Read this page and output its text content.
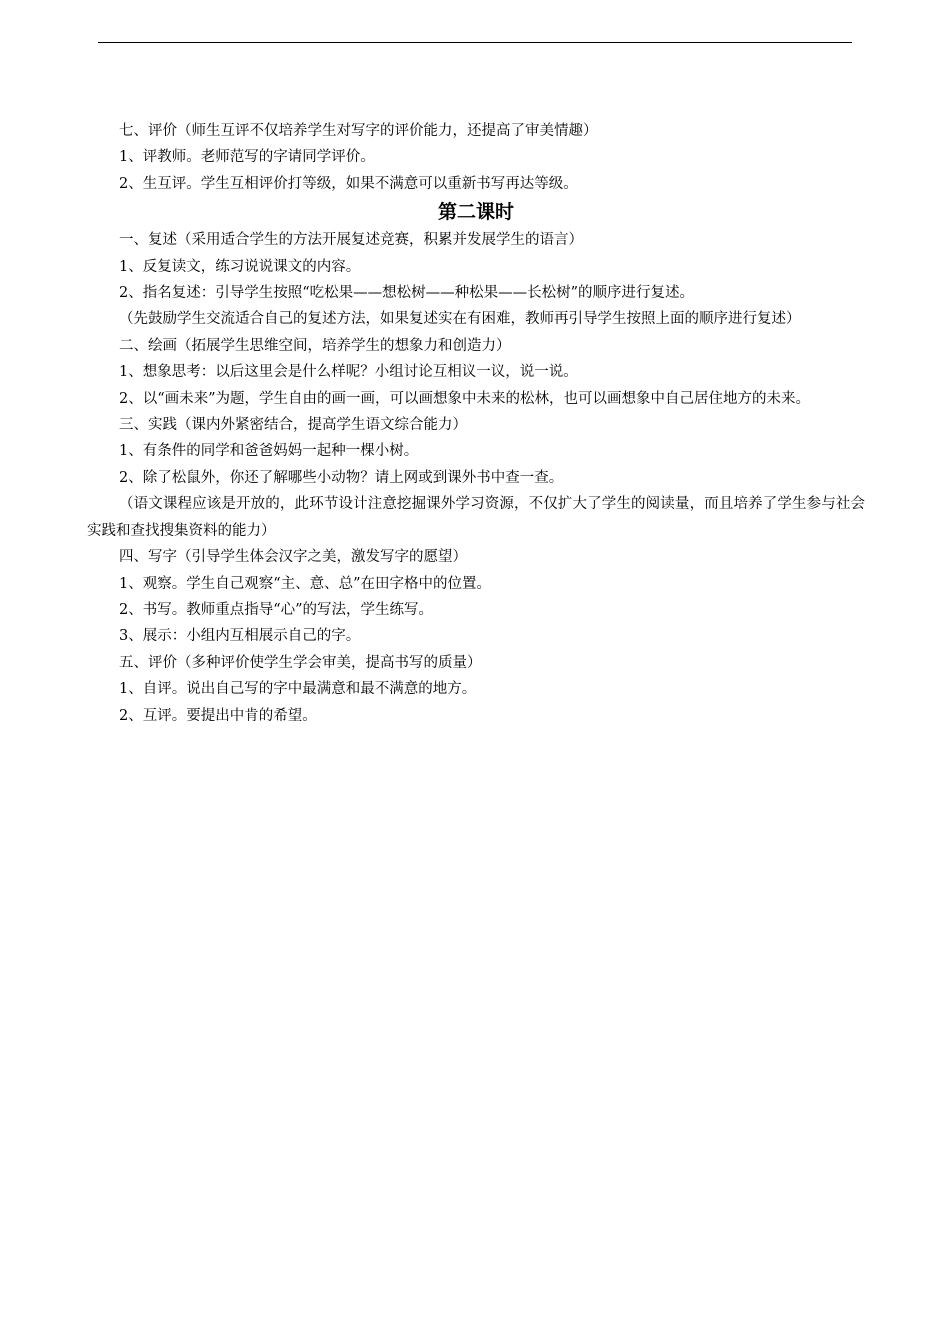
七、评价（师生互评不仅培养学生对写字的评价能力，还提高了审美情趣）

1、评教师。老师范写的字请同学评价。

2、生互评。学生互相评价打等级，如果不满意可以重新书写再达等级。

第二课时

一、复述（采用适合学生的方法开展复述竞赛，积累并发展学生的语言）

1、反复读文，练习说说课文的内容。

2、指名复述：引导学生按照“吃松果——想松树——种松果——长松树”的顺序进行复述。

（先鼓励学生交流适合自己的复述方法，如果复述实在有困难，教师再引导学生按照上面的顺序进行复述）

二、绘画（拓展学生思维空间，培养学生的想象力和创造力）

1、想象思考：以后这里会是什么样呢？小组讨论互相议一议，说一说。

2、以“画未来”为题，学生自由的画一画，可以画想象中未来的松林，也可以画想象中自己居住地方的未来。

三、实践（课内外紧密结合，提高学生语文综合能力）

1、有条件的同学和爸爸妈妈一起种一棵小树。

2、除了松鼠外，你还了解哪些小动物？请上网或到课外书中查一查。

（语文课程应该是开放的，此环节设计注意挖掘课外学习资源，不仅扩大了学生的阅读量，而且培养了学生参与社会实践和查找搜集资料的能力）

四、写字（引导学生体会汉字之美，激发写字的愿望）

1、观察。学生自己观察“主、意、总”在田字格中的位置。

2、书写。教师重点指导“心”的写法，学生练写。

3、展示：小组内互相展示自己的字。

五、评价（多种评价使学生学会审美，提高书写的质量）

1、自评。说出自己写的字中最满意和最不满意的地方。

2、互评。要提出中肯的希望。
